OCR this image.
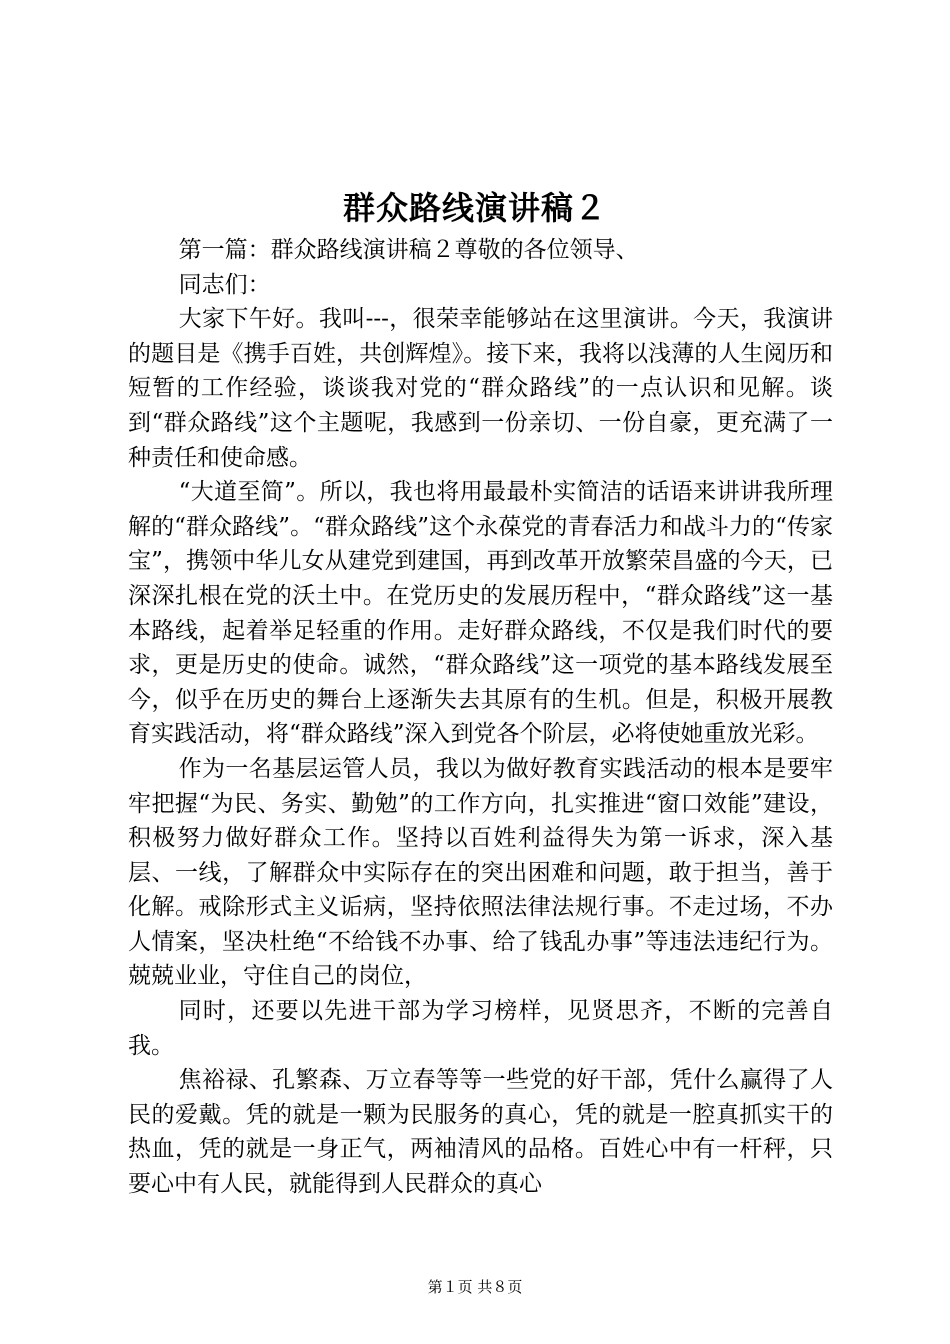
群众路线演讲稿２

第一篇：群众路线演讲稿２尊敬的各位领导、

同志们：

大家下午好。我叫---，很荣幸能够站在这里演讲。今天，我演讲的题目是《携手百姓，共创辉煌》。接下来，我将以浅薄的人生阅历和短暂的工作经验，谈谈我对党的“群众路线”的一点认识和见解。谈到“群众路线”这个主题呢，我感到一份亲切、一份自豪，更充满了一种责任和使命感。

“大道至简”。所以，我也将用最最朴实简洁的话语来讲讲我所理解的“群众路线”。“群众路线”这个永葆党的青春活力和战斗力的“传家宝”，携领中华儿女从建党到建国，再到改革开放繁荣昌盛的今天，已深深扎根在党的沃土中。在党历史的发展历程中，“群众路线”这一基本路线，起着举足轻重的作用。走好群众路线，不仅是我们时代的要求，更是历史的使命。诚然，“群众路线”这一项党的基本路线发展至今，似乎在历史的舞台上逐渐失去其原有的生机。但是，积极开展教育实践活动，将“群众路线”深入到党各个阶层，必将使她重放光彩。

作为一名基层运管人员，我以为做好教育实践活动的根本是要牢牢把握“为民、务实、勤勉”的工作方向，扎实推进“窗口效能”建设，积极努力做好群众工作。坚持以百姓利益得失为第一诉求，深入基层、一线，了解群众中实际存在的突出困难和问题，敢于担当，善于化解。戒除形式主义诟病，坚持依照法律法规行事。不走过场，不办人情案，坚决杜绝“不给钱不办事、给了钱乱办事”等违法违纪行为。兢兢业业，守住自己的岗位，

同时，还要以先进干部为学习榜样，见贤思齐，不断的完善自我。

焦裕禄、孔繁森、万立春等等一些党的好干部，凭什么赢得了人民的爱戴。凭的就是一颗为民服务的真心，凭的就是一腔真抓实干的热血，凭的就是一身正气，两袖清风的品格。百姓心中有一杆秤，只要心中有人民，就能得到人民群众的真心

第１页 共８页
